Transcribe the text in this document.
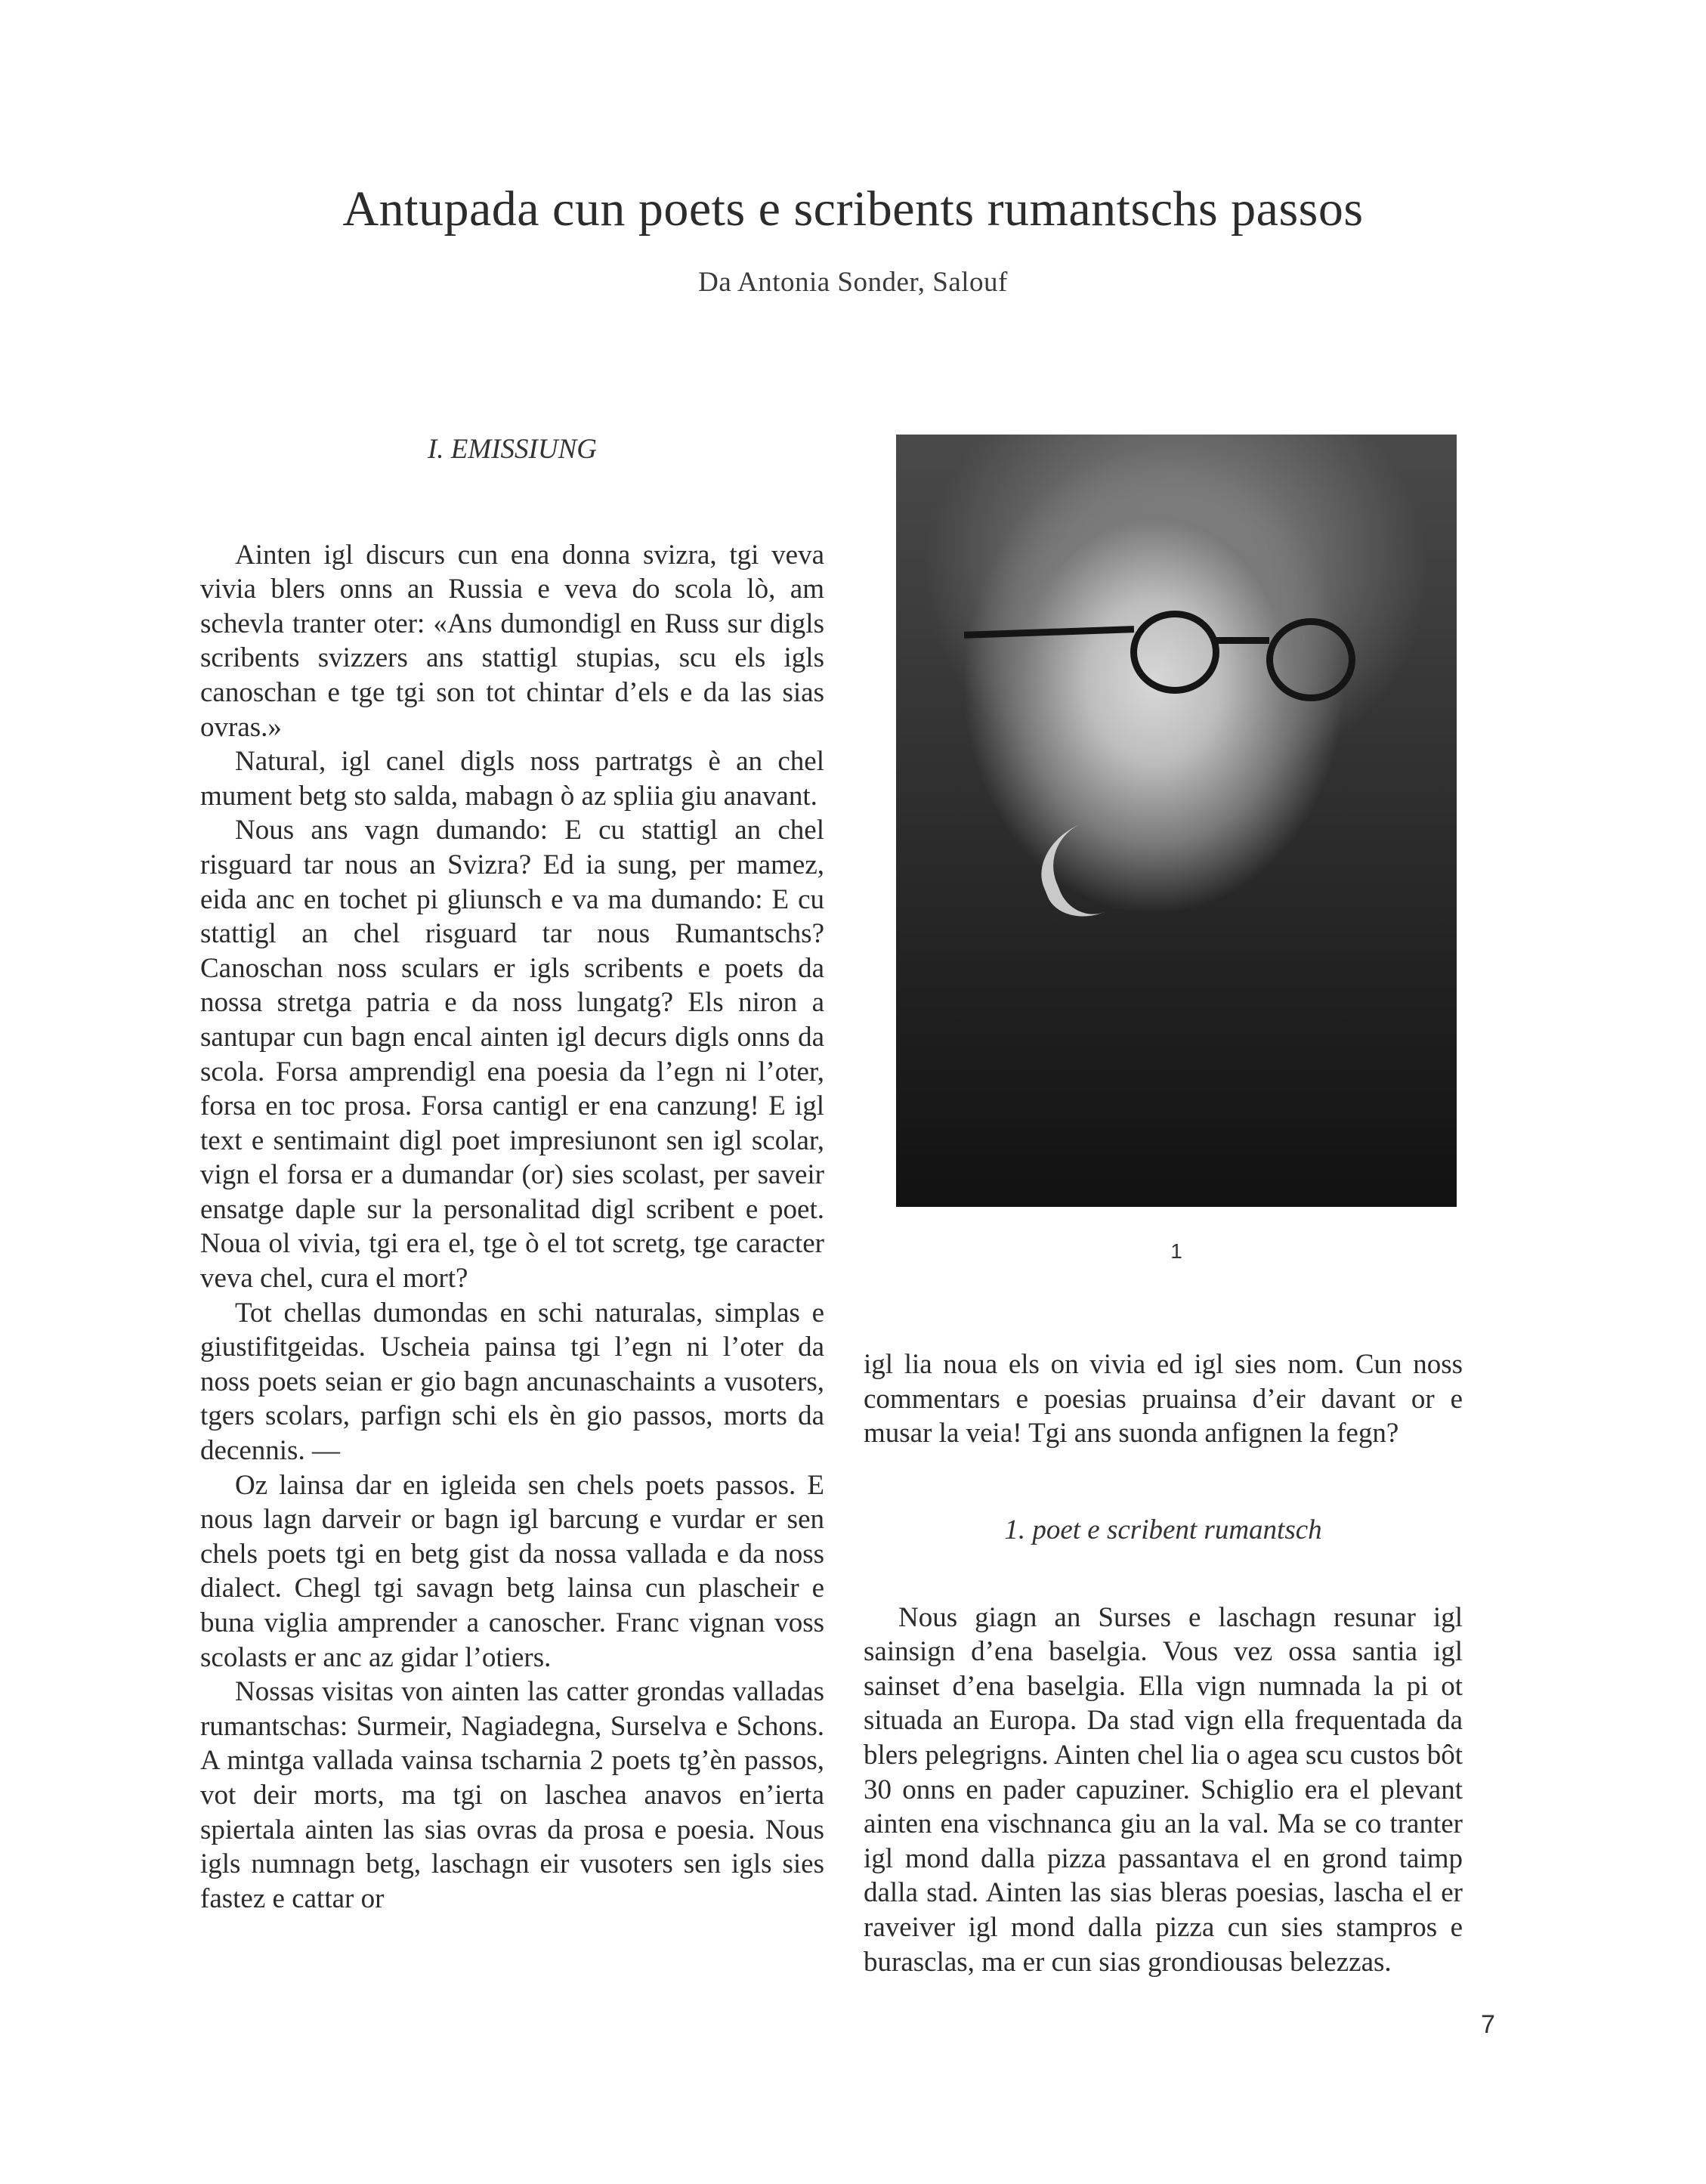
Antupada cun poets e scribents rumantschs passos
Da Antonia Sonder, Salouf
I. EMISSIUNG

Ainten igl discurs cun ena donna svizra, tgi veva vivia blers onns an Russia e veva do scola lò, am schevla tranter oter: «Ans dumondigl en Russ sur digls scribents svizzers ans stattigl stupias, scu els igls canoschan e tge tgi son tot chintar d’els e da las sias ovras.»

Natural, igl canel digls noss partratgs è an chel mument betg sto salda, mabagn ò az spliia giu anavant.

Nous ans vagn dumando: E cu stattigl an chel risguard tar nous an Svizra? Ed ia sung, per mamez, eida anc en tochet pi gliunsch e va ma dumando: E cu stattigl an chel risguard tar nous Rumantschs? Canoschan noss sculars er igls scribents e poets da nossa stretga patria e da noss lungatg? Els niron a santupar cun bagn encal ainten igl decurs digls onns da scola. Forsa amprendigl ena poesia da l’egn ni l’oter, forsa en toc prosa. Forsa cantigl er ena canzung! E igl text e sentimaint digl poet impresiunont sen igl scolar, vign el forsa er a dumandar (or) sies scolast, per saveir ensatge daple sur la personalitad digl scribent e poet. Noua ol vivia, tgi era el, tge ò el tot scretg, tge caracter veva chel, cura el mort?

Tot chellas dumondas en schi naturalas, simplas e giustifitgeidas. Uscheia painsa tgi l’egn ni l’oter da noss poets seian er gio bagn ancunaschaints a vusoters, tgers scolars, parfign schi els èn gio passos, morts da decennis. —

Oz lainsa dar en igleida sen chels poets passos. E nous lagn darveir or bagn igl barcung e vurdar er sen chels poets tgi en betg gist da nossa vallada e da noss dialect. Chegl tgi savagn betg lainsa cun plascheir e buna viglia amprender a canoscher. Franc vignan voss scolasts er anc az gidar l’otiers.

Nossas visitas von ainten las catter grondas valladas rumantschas: Surmeir, Nagiadegna, Surselva e Schons. A mintga vallada vainsa tscharnia 2 poets tg’èn passos, vot deir morts, ma tgi on laschea anavos en’ierta spiertala ainten las sias ovras da prosa e poesia. Nous igls numnagn betg, laschagn eir vusoters sen igls sies fastez e cattar or

1

igl lia noua els on vivia ed igl sies nom. Cun noss commentars e poesias pruainsa d’eir davant or e musar la veia! Tgi ans suonda anfignen la fegn?

1. poet e scribent rumantsch

Nous giagn an Surses e laschagn resunar igl sainsign d’ena baselgia. Vous vez ossa santia igl sainset d’ena baselgia. Ella vign numnada la pi ot situada an Europa. Da stad vign ella frequentada da blers pelegrigns. Ainten chel lia o agea scu custos bôt 30 onns en pader capuziner. Schiglio era el plevant ainten ena vischnanca giu an la val. Ma se co tranter igl mond dalla pizza passantava el en grond taimp dalla stad. Ainten las sias bleras poesias, lascha el er raveiver igl mond dalla pizza cun sies stampros e burasclas, ma er cun sias grondiousas belezzas.

7
